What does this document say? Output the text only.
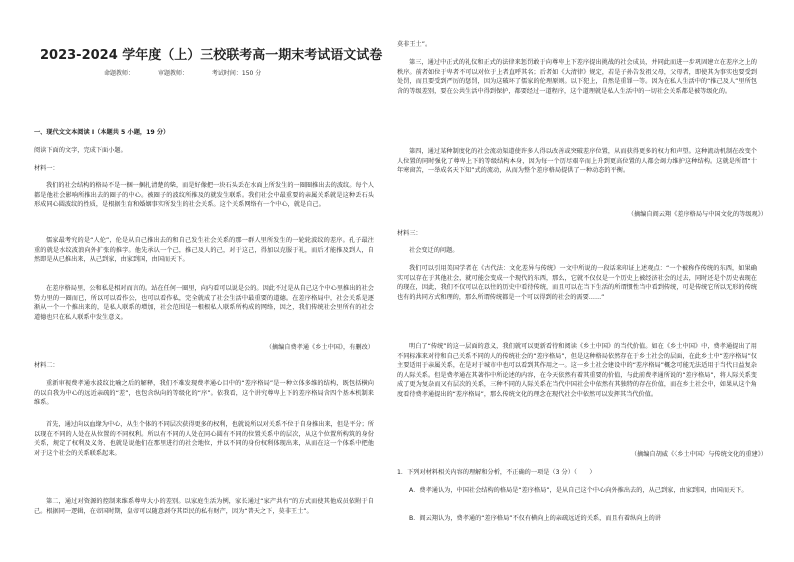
2023-2024 学年度（上）三校联考高一期末考试语文试卷
命题教师：	审题教师：	考试时间：150 分
一、现代文文本阅读 I（本题共 5 小题，19 分）
阅读下面的文字，完成下面小题。
材料一：
我们的社会结构的格局不是一捆一捆扎清楚的柴，而是好像把一块石头丢在水面上所发生的一圈圈推出去的波纹。每个人都是他社会影响所推出去的圈子的中心。被圈子的波纹所推及的就发生联系。我们社会中最重要的亲属关系就是这种丢石头形成同心圆波纹的性质，是根据生育和婚姻事实所发生的社会关系。这个关系网络有一个中心，就是自己。
儒家最考究的是“人伦”，伦是从自己推出去的和自己发生社会关系的那一群人里所发生的一轮轮波纹的差序。孔子最注重的就是水纹波浪向外扩张的推字。他先承认一个己，推己及人的己，对于这己，得加以克服于礼，而后才能推及到人，自然即是从已推出来，从己到家，由家到国，由国而天下。
在差序格局里，公和私是相对而言的。站在任何一圈里，向内看可以说是公的。因此不过是从自己这个中心里推出的社会势力里的一圈而已，所以可以看作公，也可以看作私，完全就成了社会生活中最重要的道德。在差序格局中，社会关系是逐渐从一个一个推出来的，是私人联系的增加，社会范围是一根根私人联系所构成的网络，因之，我们传统社会里所有的社会道德也只在私人联系中发生意义。
（摘编自费孝通《乡土中国》，有删改）
材料二：
重新审视费孝通水波纹比喻之后的解释，我们不难发现费孝通心目中的“差序格局”是一种立体多维的结构，既包括横向的以自我为中心的远近亲疏的“差”，也包含纵向的等级化的“序”。依我看，这个讲究尊卑上下的差序格局含四个基本机制来维系。
首先，通过向以血缘为中心，从生个体的不同层次获得更多的权利，也就说所以对关系不位于自身推出来，但是平分；所以现在不同的人处在从位置的不同权利。所以有不同的人处在同心圆有不同的位置关系中的层次，从这个位置所构筑的身份关系，规定了权利及义务、也就是说他们在那里进行的社会地位，并以不同的身份权利体现出来，从而在这一个体系中把他对于这个社会的关系联系起来。
第二，通过对资源的控制来维系尊卑大小的差别。以家庭生活为例，家长通过“家产共有”的方式而使其他成员依附于自己。根据同一逻辑，在帝国时期，皇帝可以随意剥夺其臣民的私有财产，因为“普天之下，莫非王土”。
莫非王土”。
第三，通过中正式的礼仪和正式的法律来惩罚敢于向尊卑上下差序提出挑战的社会成员，并同此而进一步巩固建立在差序之上的秩序。前者如位于卑者不可以对位于上者直呼其名；后者如《大清律》规定，若是子孙告发祖父母，父母者，即使其为事实也要受到处罚，而且要受到严厉的惩罚，因为这破坏了儒家的伦理原则。以下犯上，自然是重罪一等。因为在私人生活中的“推己及人”里所包含的等级差别，要在公共生活中得到保护，都要经过一道程序，这个道理就是私人生活中的一切社会关系都是被等级化的。
第四，通过某种制度化的社会流动渠道使许多人得以改善或突破差序位置，从而获得更多的权力和声望。这种流动机制在改变个人位置的同时强化了尊卑上下的等级结构本身，因为每一个历尽艰辛而上升到更高位置的人都会竭力维护这种结构。这就是所谓“十年寒窗苦，一举成名天下知”式的流动，从而为整个差序格局提供了一种动态的平衡。
（摘编自阎云翔《差序格局与中国文化的等级观》）
材料三：
社会变迁的问题。
我们可以引用美国学者在《古代法：文化差异与传统》一文中所说的一段话来印证上述观点：“一个被称作传统的东西，如果确实可以存在于其他社会，就可能会变成一个现代的东西，那么，它就不仅仅是一个历史上被经济社会的过去，同时还是个历史表现在的现在，因此，我们不仅可以在以往的历史中看待传统，而且可以在当下生活的所谓惯性当中看到传统，可是传统它所以无形的传统也有的共同方式和理的，那么所谓传统都是一个可以得到的社会的需要……”
明白了“传统”的这一层面的意义，我们就可以更新看待和阅读《乡土中国》的当代价值。如在《乡土中国》中，费孝通提出了用不同标准来对待和自己关系不同的人的传统社会的“差序格局”，但是这种格局依然存在于乡土社会的层面，在此乡土中“差序格局”仅主要适用于亲属关系，在是对于城市中也可以看到其作用之一。这一乡土社会建设中的“差序格局”概念可能无法适用于当代日益复杂的人际关系。但是费孝通在其著作中所论述的内容，在今天依然有着其重要的价值，与此前费孝通所说的“差序格局”，将人际关系变成了更为复杂而又有层次的关系，三种不同的人际关系在当代中国社会中依然有其独特的存在价值，而在乡土社会中，如果从这个角度看待费孝通提出的“差序格局”，那么传统文化的理念在现代社会中依然可以发挥其当代价值。
（摘编自胡威《〈乡土中国〉与传统文化的重建》）
1．下列对材料相关内容的理解和分析，不正确的一项是（3 分）（　　）
A．费孝通认为，中国社会结构的格局是“差序格局”，是从自己这个中心向外推出去的，从己到家，由家到国，由国而天下。
B．阎云翔认为，费孝通的“差序格局”不仅有横向上的亲疏远近的关系，而且有着纵向上的讲
